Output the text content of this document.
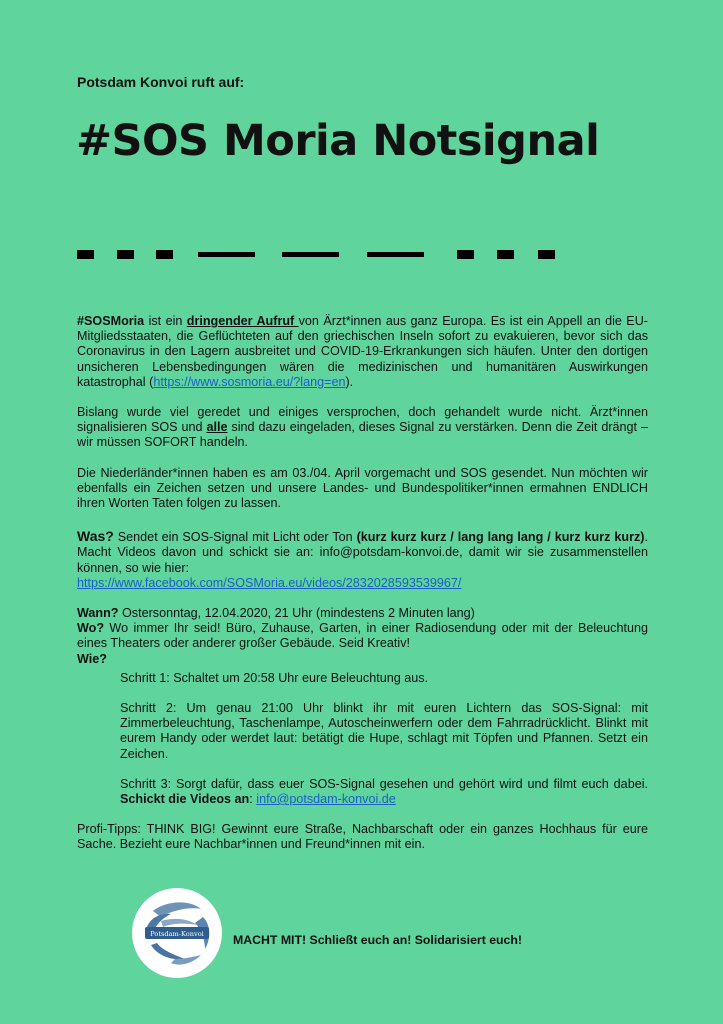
Potsdam Konvoi ruft auf:
#SOS Moria Notsignal

#SOSMoria ist ein dringender Aufruf von Ärzt*innen aus ganz Europa. Es ist ein Appell an die EU-Mitgliedsstaaten, die Geflüchteten auf den griechischen Inseln sofort zu evakuieren, bevor sich das Coronavirus in den Lagern ausbreitet und COVID-19-Erkrankungen sich häufen. Unter den dortigen unsicheren Lebensbedingungen wären die medizinischen und humanitären Auswirkungen katastrophal (https://www.sosmoria.eu/?lang=en).

Bislang wurde viel geredet und einiges versprochen, doch gehandelt wurde nicht. Ärzt*innen signalisieren SOS und alle sind dazu eingeladen, dieses Signal zu verstärken. Denn die Zeit drängt – wir müssen SOFORT handeln.

Die Niederländer*innen haben es am 03./04. April vorgemacht und SOS gesendet. Nun möchten wir ebenfalls ein Zeichen setzen und unsere Landes- und Bundespolitiker*innen ermahnen ENDLICH ihren Worten Taten folgen zu lassen.

Was? Sendet ein SOS-Signal mit Licht oder Ton (kurz kurz kurz / lang lang lang / kurz kurz kurz). Macht Videos davon und schickt sie an: info@potsdam-konvoi.de, damit wir sie zusammenstellen können, so wie hier:
https://www.facebook.com/SOSMoria.eu/videos/2832028593539967/

Wann? Ostersonntag, 12.04.2020, 21 Uhr (mindestens 2 Minuten lang)

Wo? Wo immer Ihr seid! Büro, Zuhause, Garten, in einer Radiosendung oder mit der Beleuchtung eines Theaters oder anderer großer Gebäude. Seid Kreativ!

Wie?

Schritt 1: Schaltet um 20:58 Uhr eure Beleuchtung aus.

Schritt 2: Um genau 21:00 Uhr blinkt ihr mit euren Lichtern das SOS-Signal: mit Zimmerbeleuchtung, Taschenlampe, Autoscheinwerfern oder dem Fahrradrücklicht. Blinkt mit eurem Handy oder werdet laut: betätigt die Hupe, schlagt mit Töpfen und Pfannen. Setzt ein Zeichen.

Schritt 3: Sorgt dafür, dass euer SOS-Signal gesehen und gehört wird und filmt euch dabei. Schickt die Videos an: info@potsdam-konvoi.de

Profi-Tipps: THINK BIG! Gewinnt eure Straße, Nachbarschaft oder ein ganzes Hochhaus für eure Sache. Bezieht eure Nachbar*innen und Freund*innen mit ein.

Potsdam-Konvoi MACHT MIT! Schließt euch an! Solidarisiert euch!
